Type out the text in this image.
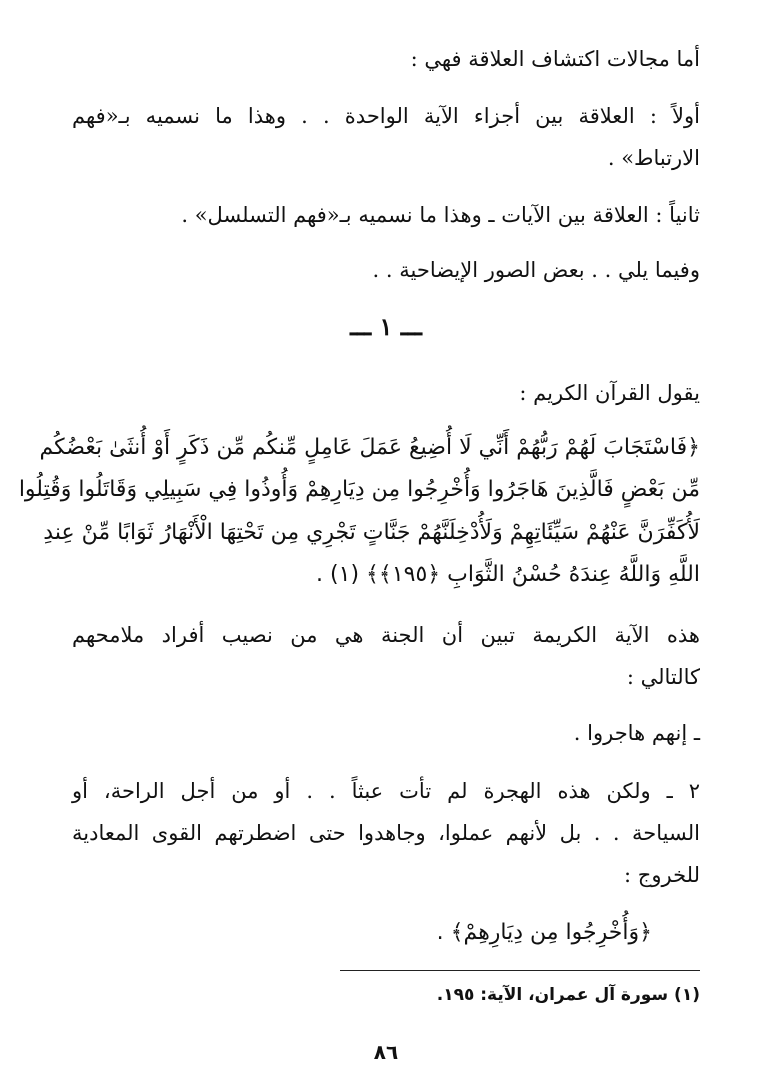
أما مجالات اكتشاف العلاقة فهي :
أولاً : العلاقة بين أجزاء الآية الواحدة . . وهذا ما نسميه بـ«فهم
الارتباط» .
ثانياً : العلاقة بين الآيات ـ وهذا ما نسميه بـ«فهم التسلسل» .
وفيما يلي . . بعض الصور الإيضاحية . .
ـــ ١ ـــ
يقول القرآن الكريم :
﴿فَاسْتَجَابَ لَهُمْ رَبُّهُمْ أَنِّي لَا أُضِيعُ عَمَلَ عَامِلٍ مِّنكُم مِّن ذَكَرٍ أَوْ أُنثَىٰ بَعْضُكُم
مِّن بَعْضٍ فَالَّذِينَ هَاجَرُوا وَأُخْرِجُوا مِن دِيَارِهِمْ وَأُوذُوا فِي سَبِيلِي وَقَاتَلُوا وَقُتِلُوا
لَأُكَفِّرَنَّ عَنْهُمْ سَيِّئَاتِهِمْ وَلَأُدْخِلَنَّهُمْ جَنَّاتٍ تَجْرِي مِن تَحْتِهَا الْأَنْهَارُ ثَوَابًا مِّنْ عِندِ
اللَّهِ وَاللَّهُ عِندَهُ حُسْنُ الثَّوَابِ ﴿١٩٥﴾﴾ (١) .
هذه الآية الكريمة تبين أن الجنة هي من نصيب أفراد ملامحهم
كالتالي :
ـ إنهم هاجروا .
٢ ـ ولكن هذه الهجرة لم تأت عبثاً . . أو من أجل الراحة، أو
السياحة . . بل لأنهم عملوا، وجاهدوا حتى اضطرتهم القوى المعادية
للخروج :
﴿وَأُخْرِجُوا مِن دِيَارِهِمْ﴾ .
(١) سورة آل عمران، الآية: ١٩٥.
٨٦
